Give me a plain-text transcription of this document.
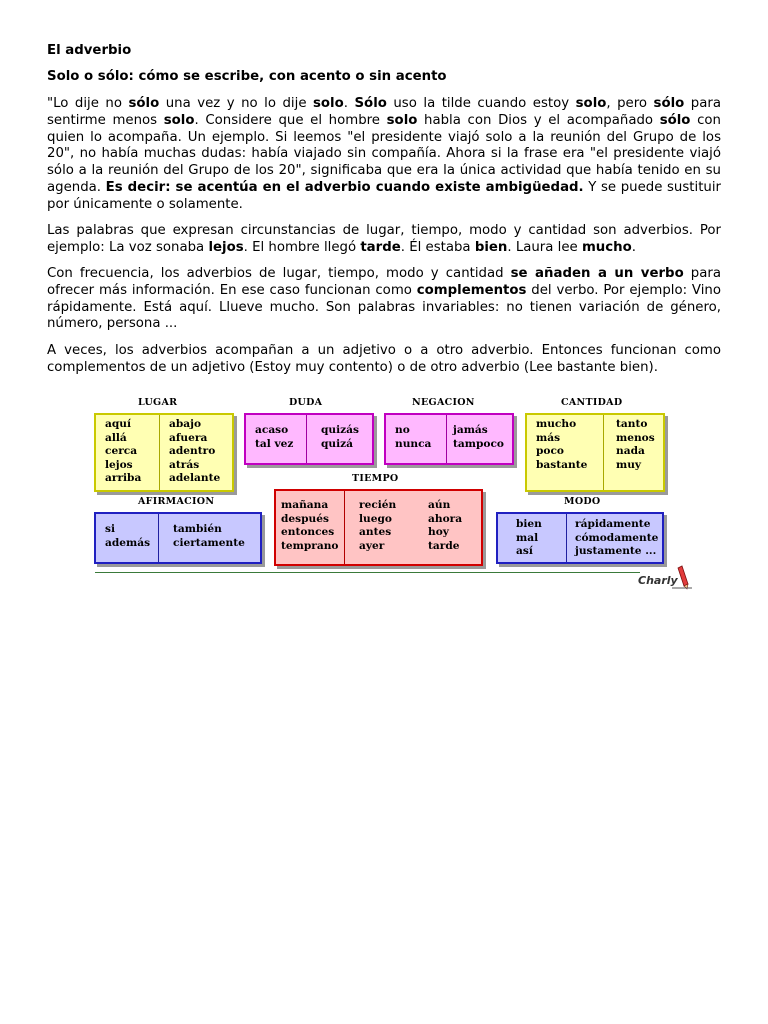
El adverbio
Solo o sólo: cómo se escribe, con acento o sin acento

"Lo dije no sólo una vez y no lo dije solo. Sólo uso la tilde cuando estoy solo, pero sólo para sentirme menos solo. Considere que el hombre solo habla con Dios y el acompañado sólo con quien lo acompaña. Un ejemplo. Si leemos "el presidente viajó solo a la reunión del Grupo de los 20", no había muchas dudas: había viajado sin compañía. Ahora si la frase era "el presidente viajó sólo a la reunión del Grupo de los 20", significaba que era la única actividad que había tenido en su agenda. Es decir: se acentúa en el adverbio cuando existe ambigüedad. Y se puede sustituir por únicamente o solamente.

Las palabras que expresan circunstancias de lugar, tiempo, modo y cantidad son adverbios. Por ejemplo: La voz sonaba lejos. El hombre llegó tarde. Él estaba bien. Laura lee mucho.

Con frecuencia, los adverbios de lugar, tiempo, modo y cantidad se añaden a un verbo para ofrecer más información. En ese caso funcionan como complementos del verbo. Por ejemplo: Vino rápidamente. Está aquí. Llueve mucho. Son palabras invariables: no tienen variación de género, número, persona ...

A veces, los adverbios acompañan a un adjetivo o a otro adverbio. Entonces funcionan como complementos de un adjetivo (Estoy muy contento) o de otro adverbio (Lee bastante bien).

LUGAR
aquí
allá
cerca
lejos
arriba
abajo
afuera
adentro
atrás
adelante
DUDA
acaso
tal vez
quizás
quizá
NEGACION
no
nunca
jamás
tampoco
CANTIDAD
mucho
más
poco
bastante
tanto
menos
nada
muy
AFIRMACION
si
además
también
ciertamente
TIEMPO
mañana
después
entonces
temprano
recién
luego
antes
ayer
aún
ahora
hoy
tarde
MODO
bien
mal
así
rápidamente
cómodamente
justamente ...
Charly
